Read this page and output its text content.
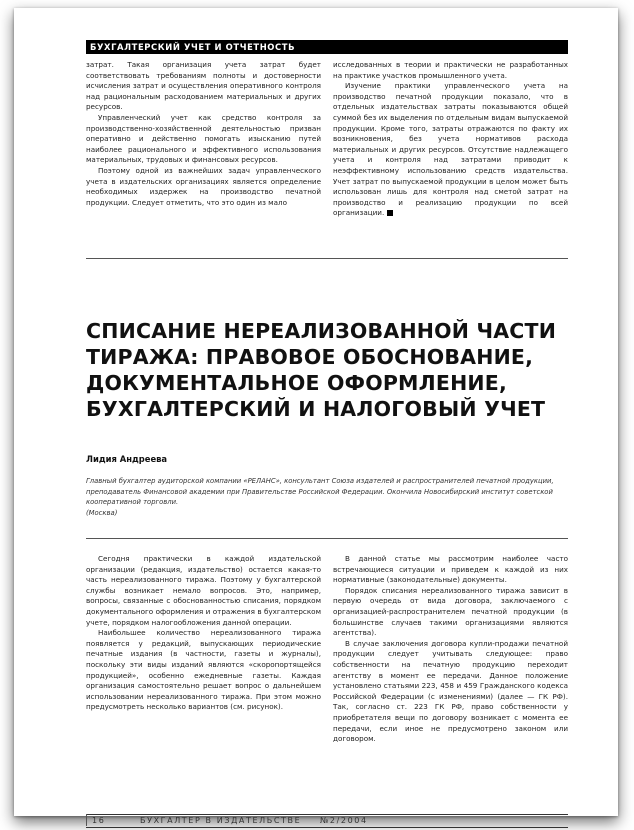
БУХГАЛТЕРСКИЙ УЧЕТ И ОТЧЕТНОСТЬ

затрат. Такая организация учета затрат будет соответствовать требованиям полноты и достоверности исчисления затрат и осуществления оперативного контроля над рациональным расходованием материальных и других ресурсов.

Управленческий учет как средство контроля за производственно-хозяйственной деятельностью призван оперативно и действенно помогать изысканию путей наиболее рационального и эффективного использования материальных, трудовых и финансовых ресурсов.

Поэтому одной из важнейших задач управленческого учета в издательских организациях является определение необходимых издержек на производство печатной продукции. Следует отметить, что это один из мало

исследованных в теории и практически не разработанных на практике участков промышленного учета.

Изучение практики управленческого учета на производство печатной продукции показало, что в отдельных издательствах затраты показываются общей суммой без их выделения по отдельным видам выпускаемой продукции. Кроме того, затраты отражаются по факту их возникновения, без учета нормативов расхода материальных и других ресурсов. Отсутствие надлежащего учета и контроля над затратами приводит к неэффективному использованию средств издательства. Учет затрат по выпускаемой продукции в целом может быть использован лишь для контроля над сметой затрат на производство и реализацию продукции по всей организации.

СПИСАНИЕ НЕРЕАЛИЗОВАННОЙ ЧАСТИ
ТИРАЖА: ПРАВОВОЕ ОБОСНОВАНИЕ,
ДОКУМЕНТАЛЬНОЕ ОФОРМЛЕНИЕ,
БУХГАЛТЕРСКИЙ И НАЛОГОВЫЙ УЧЕТ
Лидия Андреева
Главный бухгалтер аудиторской компании «РЕЛАНС», консультант Союза издателей и распространителей печатной продукции, преподаватель Финансовой академии при Правительстве Российской Федерации. Окончила Новосибирский институт советской кооперативной торговли.
(Москва)

Сегодня практически в каждой издательской организации (редакция, издательство) остается какая-то часть нереализованного тиража. Поэтому у бухгалтерской службы возникает немало вопросов. Это, например, вопросы, связанные с обоснованностью списания, порядком документального оформления и отражения в бухгалтерском учете, порядком налогообложения данной операции.

Наибольшее количество нереализованного тиража появляется у редакций, выпускающих периодические печатные издания (в частности, газеты и журналы), поскольку эти виды изданий являются «скоропортящейся продукцией», особенно ежедневные газеты. Каждая организация самостоятельно решает вопрос о дальнейшем использовании нереализованного тиража. При этом можно предусмотреть несколько вариантов (см. рисунок).

В данной статье мы рассмотрим наиболее часто встречающиеся ситуации и приведем к каждой из них нормативные (законодательные) документы.

Порядок списания нереализованного тиража зависит в первую очередь от вида договора, заключаемого с организацией-распространителем печатной продукции (в большинстве случаев такими организациями являются агентства).

В случае заключения договора купли-продажи печатной продукции следует учитывать следующее: право собственности на печатную продукцию переходит агентству в момент ее передачи. Данное положение установлено статьями 223, 458 и 459 Гражданского кодекса Российской Федерации (с изменениями) (далее — ГК РФ). Так, согласно ст. 223 ГК РФ, право собственности у приобретателя вещи по договору возникает с момента ее передачи, если иное не предусмотрено законом или договором.

16	БУХГАЛТЕР В ИЗДАТЕЛЬСТВЕ №2/2004
